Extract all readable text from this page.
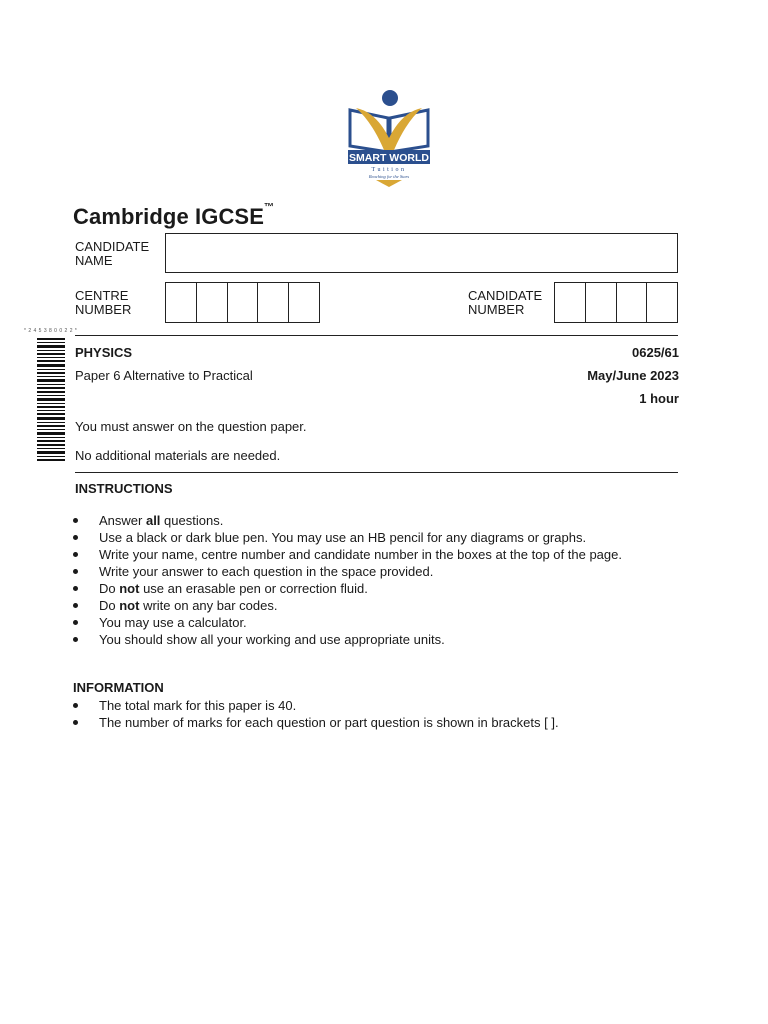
SMART WORLD
Tuition
Reaching for the Stars
Cambridge IGCSE™
CANDIDATE
NAME
CENTRE
NUMBER
CANDIDATE
NUMBER
* 2 4 5 3 8 0 0 2 2 *
PHYSICS	0625/61
Paper 6 Alternative to Practical	May/June 2023
1 hour
You must answer on the question paper.
No additional materials are needed.
INSTRUCTIONS
Answer all questions.
Use a black or dark blue pen. You may use an HB pencil for any diagrams or graphs.
Write your name, centre number and candidate number in the boxes at the top of the page.
Write your answer to each question in the space provided.
Do not use an erasable pen or correction fluid.
Do not write on any bar codes.
You may use a calculator.
You should show all your working and use appropriate units.
INFORMATION
The total mark for this paper is 40.
The number of marks for each question or part question is shown in brackets [ ].
